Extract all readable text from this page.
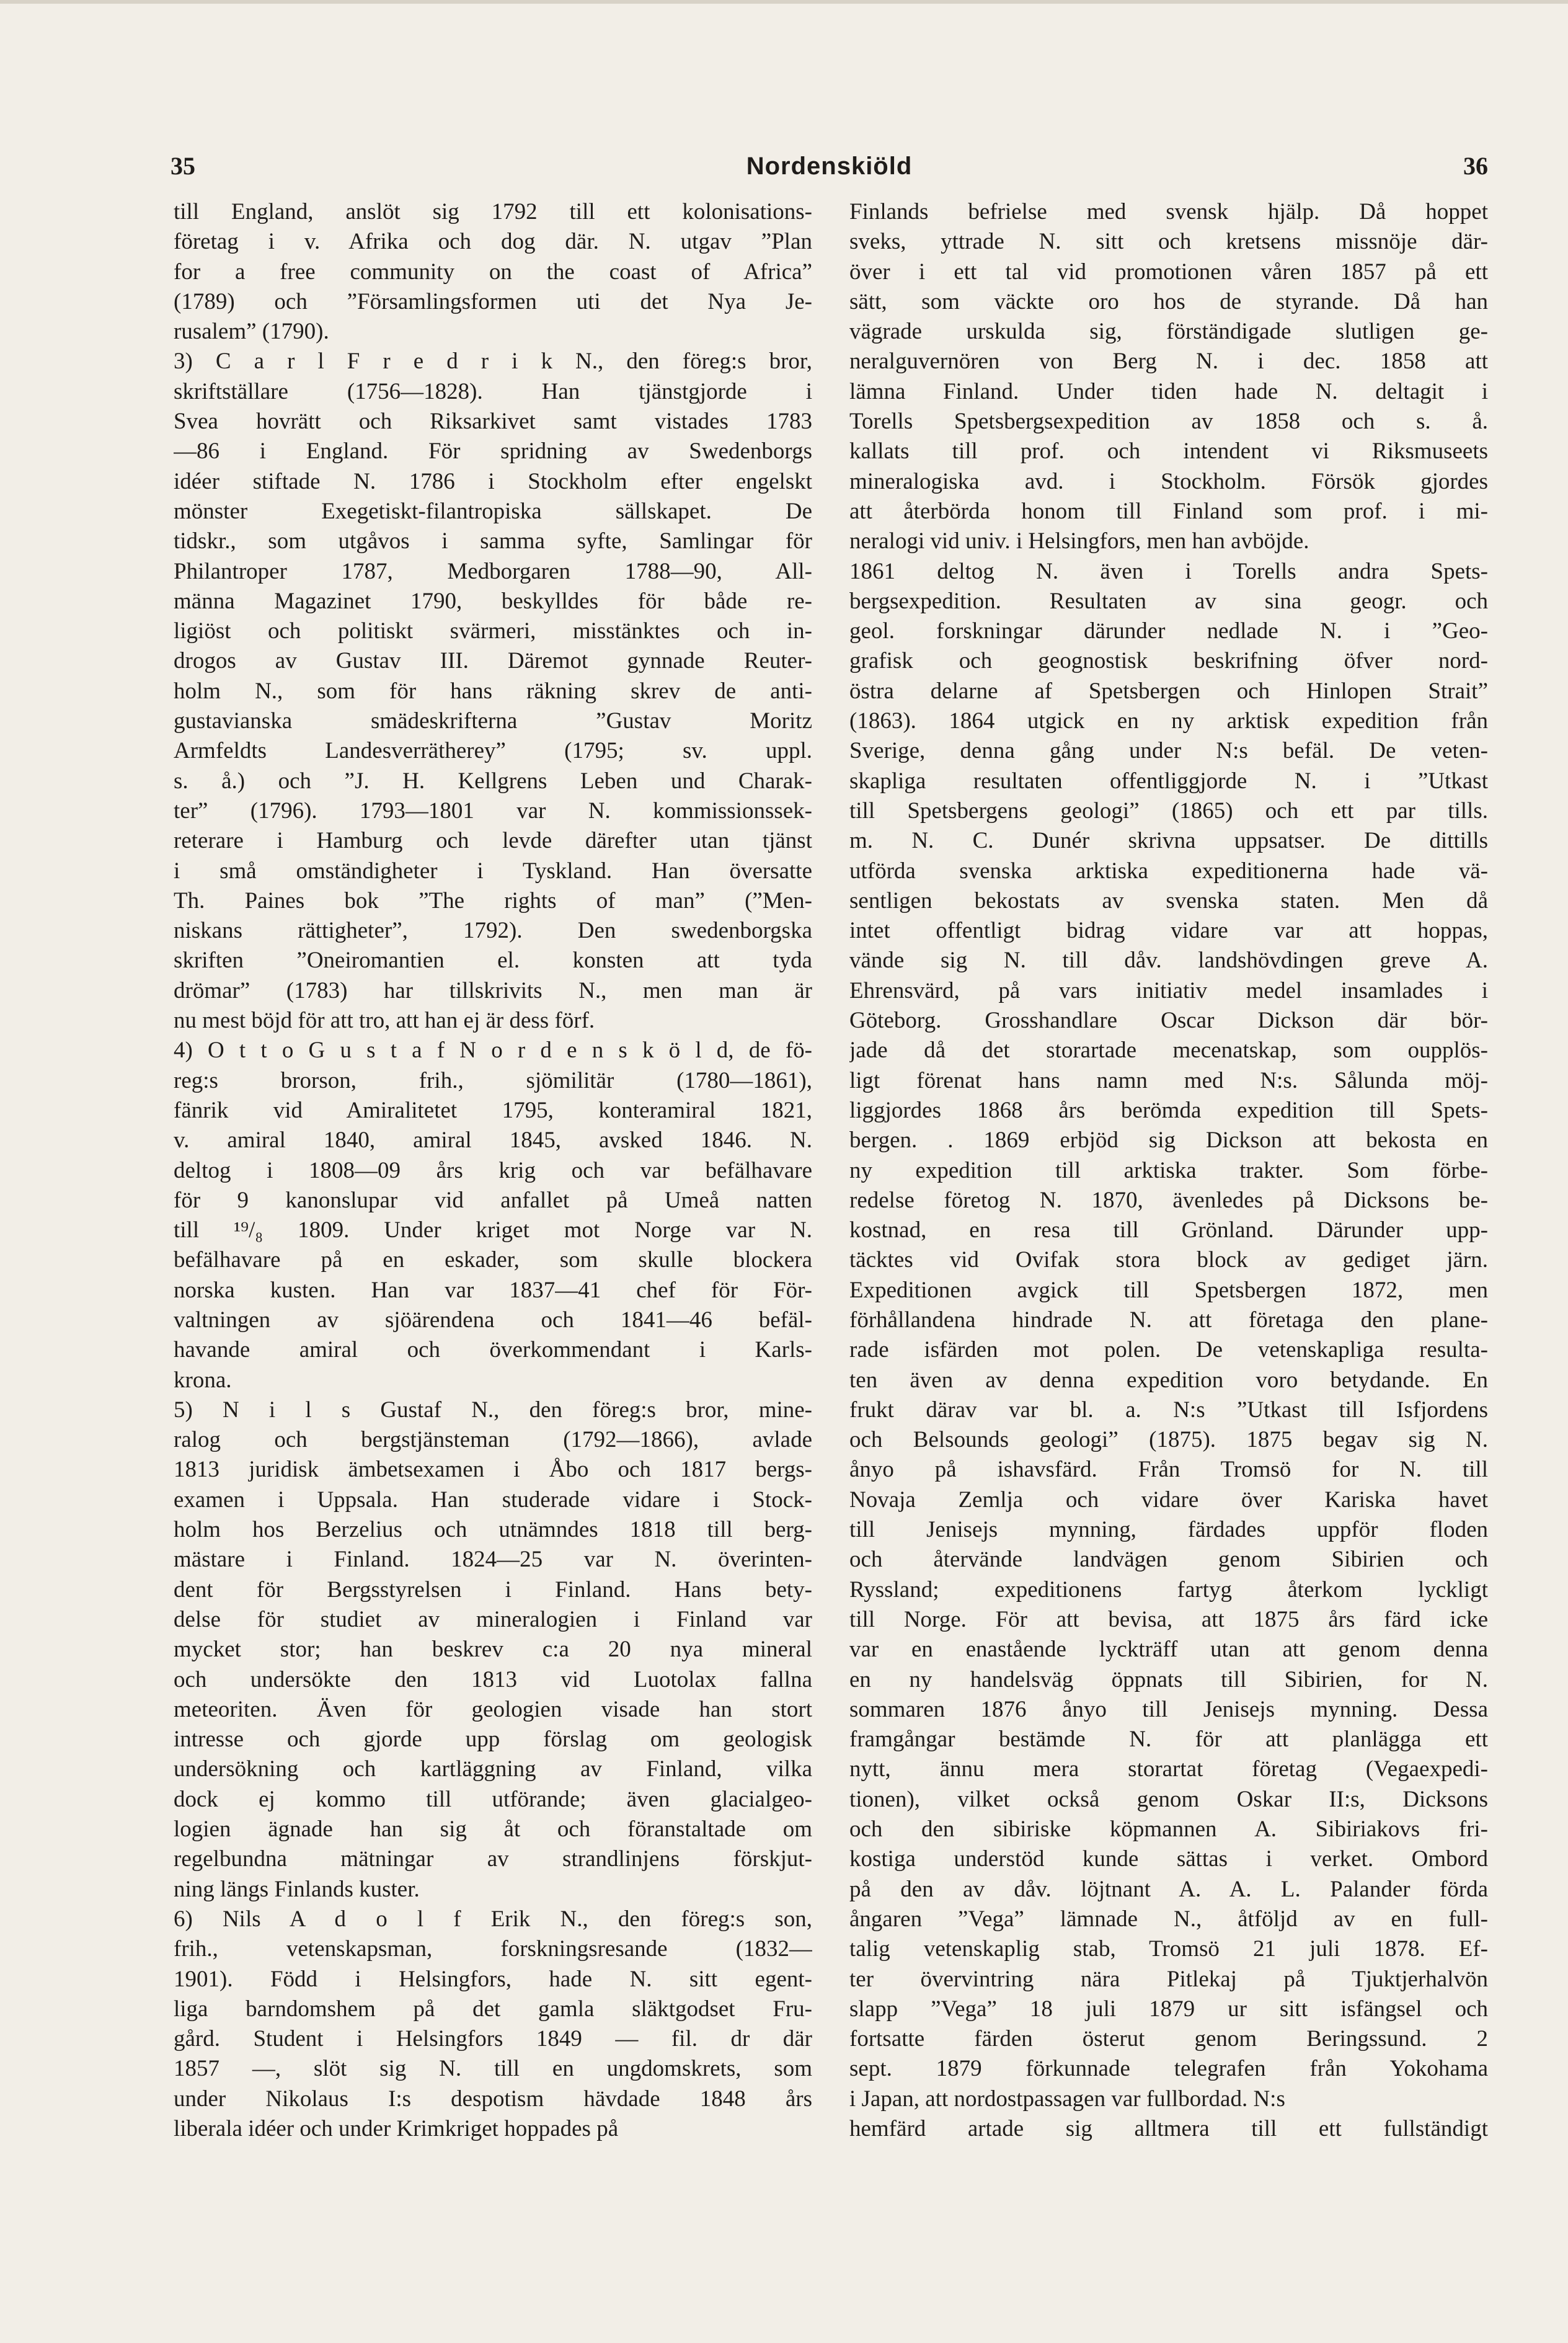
35	Nordenskiöld	36
till England, anslöt sig 1792 till ett kolonisations-
företag i v. Afrika och dog där. N. utgav ”Plan
for a free community on the coast of Africa”
(1789) och ”Församlingsformen uti det Nya Je-
rusalem” (1790).
3) C a r l F r e d r i k N., den föreg:s bror,
skriftställare (1756—1828). Han tjänstgjorde i
Svea hovrätt och Riksarkivet samt vistades 1783
—86 i England. För spridning av Swedenborgs
idéer stiftade N. 1786 i Stockholm efter engelskt
mönster Exegetiskt-filantropiska sällskapet. De
tidskr., som utgåvos i samma syfte, Samlingar för
Philantroper 1787, Medborgaren 1788—90, All-
männa Magazinet 1790, beskylldes för både re-
ligiöst och politiskt svärmeri, misstänktes och in-
drogos av Gustav III. Däremot gynnade Reuter-
holm N., som för hans räkning skrev de anti-
gustavianska smädeskrifterna ”Gustav Moritz
Armfeldts Landesverrätherey” (1795; sv. uppl.
s. å.) och ”J. H. Kellgrens Leben und Charak-
ter” (1796). 1793—1801 var N. kommissionssek-
reterare i Hamburg och levde därefter utan tjänst
i små omständigheter i Tyskland. Han översatte
Th. Paines bok ”The rights of man” (”Men-
niskans rättigheter”, 1792). Den swedenborgska
skriften ”Oneiromantien el. konsten att tyda
drömar” (1783) har tillskrivits N., men man är
nu mest böjd för att tro, att han ej är dess förf.
4) O t t o G u s t a f N o r d e n s k ö l d, de fö-
reg:s brorson, frih., sjömilitär (1780—1861),
fänrik vid Amiralitetet 1795, konteramiral 1821,
v. amiral 1840, amiral 1845, avsked 1846. N.
deltog i 1808—09 års krig och var befälhavare
för 9 kanonslupar vid anfallet på Umeå natten
till ¹⁹/₈ 1809. Under kriget mot Norge var N.
befälhavare på en eskader, som skulle blockera
norska kusten. Han var 1837—41 chef för För-
valtningen av sjöärendena och 1841—46 befäl-
havande amiral och överkommendant i Karls-
krona.
5) N i l s Gustaf N., den föreg:s bror, mine-
ralog och bergstjänsteman (1792—1866), avlade
1813 juridisk ämbetsexamen i Åbo och 1817 bergs-
examen i Uppsala. Han studerade vidare i Stock-
holm hos Berzelius och utnämndes 1818 till berg-
mästare i Finland. 1824—25 var N. överinten-
dent för Bergsstyrelsen i Finland. Hans bety-
delse för studiet av mineralogien i Finland var
mycket stor; han beskrev c:a 20 nya mineral
och undersökte den 1813 vid Luotolax fallna
meteoriten. Även för geologien visade han stort
intresse och gjorde upp förslag om geologisk
undersökning och kartläggning av Finland, vilka
dock ej kommo till utförande; även glacialgeo-
logien ägnade han sig åt och föranstaltade om
regelbundna mätningar av strandlinjens förskjut-
ning längs Finlands kuster.
6) Nils A d o l f Erik N., den föreg:s son,
frih., vetenskapsman, forskningsresande (1832—
1901). Född i Helsingfors, hade N. sitt egent-
liga barndomshem på det gamla släktgodset Fru-
gård. Student i Helsingfors 1849 — fil. dr där
1857 —, slöt sig N. till en ungdomskrets, som
under Nikolaus I:s despotism hävdade 1848 års
liberala idéer och under Krimkriget hoppades på
Finlands befrielse med svensk hjälp. Då hoppet
sveks, yttrade N. sitt och kretsens missnöje där-
över i ett tal vid promotionen våren 1857 på ett
sätt, som väckte oro hos de styrande. Då han
vägrade urskulda sig, förständigade slutligen ge-
neralguvernören von Berg N. i dec. 1858 att
lämna Finland. Under tiden hade N. deltagit i
Torells Spetsbergsexpedition av 1858 och s. å.
kallats till prof. och intendent vi Riksmuseets
mineralogiska avd. i Stockholm. Försök gjordes
att återbörda honom till Finland som prof. i mi-
neralogi vid univ. i Helsingfors, men han avböjde.
1861 deltog N. även i Torells andra Spets-
bergsexpedition. Resultaten av sina geogr. och
geol. forskningar därunder nedlade N. i ”Geo-
grafisk och geognostisk beskrifning öfver nord-
östra delarne af Spetsbergen och Hinlopen Strait”
(1863). 1864 utgick en ny arktisk expedition från
Sverige, denna gång under N:s befäl. De veten-
skapliga resultaten offentliggjorde N. i ”Utkast
till Spetsbergens geologi” (1865) och ett par tills.
m. N. C. Dunér skrivna uppsatser. De dittills
utförda svenska arktiska expeditionerna hade vä-
sentligen bekostats av svenska staten. Men då
intet offentligt bidrag vidare var att hoppas,
vände sig N. till dåv. landshövdingen greve A.
Ehrensvärd, på vars initiativ medel insamlades i
Göteborg. Grosshandlare Oscar Dickson där bör-
jade då det storartade mecenatskap, som oupplös-
ligt förenat hans namn med N:s. Sålunda möj-
liggjordes 1868 års berömda expedition till Spets-
bergen. . 1869 erbjöd sig Dickson att bekosta en
ny expedition till arktiska trakter. Som förbe-
redelse företog N. 1870, ävenledes på Dicksons be-
kostnad, en resa till Grönland. Därunder upp-
täcktes vid Ovifak stora block av gediget järn.
Expeditionen avgick till Spetsbergen 1872, men
förhållandena hindrade N. att företaga den plane-
rade isfärden mot polen. De vetenskapliga resulta-
ten även av denna expedition voro betydande. En
frukt därav var bl. a. N:s ”Utkast till Isfjordens
och Belsounds geologi” (1875). 1875 begav sig N.
ånyo på ishavsfärd. Från Tromsö for N. till
Novaja Zemlja och vidare över Kariska havet
till Jenisejs mynning, färdades uppför floden
och återvände landvägen genom Sibirien och
Ryssland; expeditionens fartyg återkom lyckligt
till Norge. För att bevisa, att 1875 års färd icke
var en enastående lyckträff utan att genom denna
en ny handelsväg öppnats till Sibirien, for N.
sommaren 1876 ånyo till Jenisejs mynning. Dessa
framgångar bestämde N. för att planlägga ett
nytt, ännu mera storartat företag (Vegaexpedi-
tionen), vilket också genom Oskar II:s, Dicksons
och den sibiriske köpmannen A. Sibiriakovs fri-
kostiga understöd kunde sättas i verket. Ombord
på den av dåv. löjtnant A. A. L. Palander förda
ångaren ”Vega” lämnade N., åtföljd av en full-
talig vetenskaplig stab, Tromsö 21 juli 1878. Ef-
ter övervintring nära Pitlekaj på Tjuktjerhalvön
slapp ”Vega” 18 juli 1879 ur sitt isfängsel och
fortsatte färden österut genom Beringssund. 2
sept. 1879 förkunnade telegrafen från Yokohama
i Japan, att nordostpassagen var fullbordad. N:s
hemfärd artade sig alltmera till ett fullständigt
